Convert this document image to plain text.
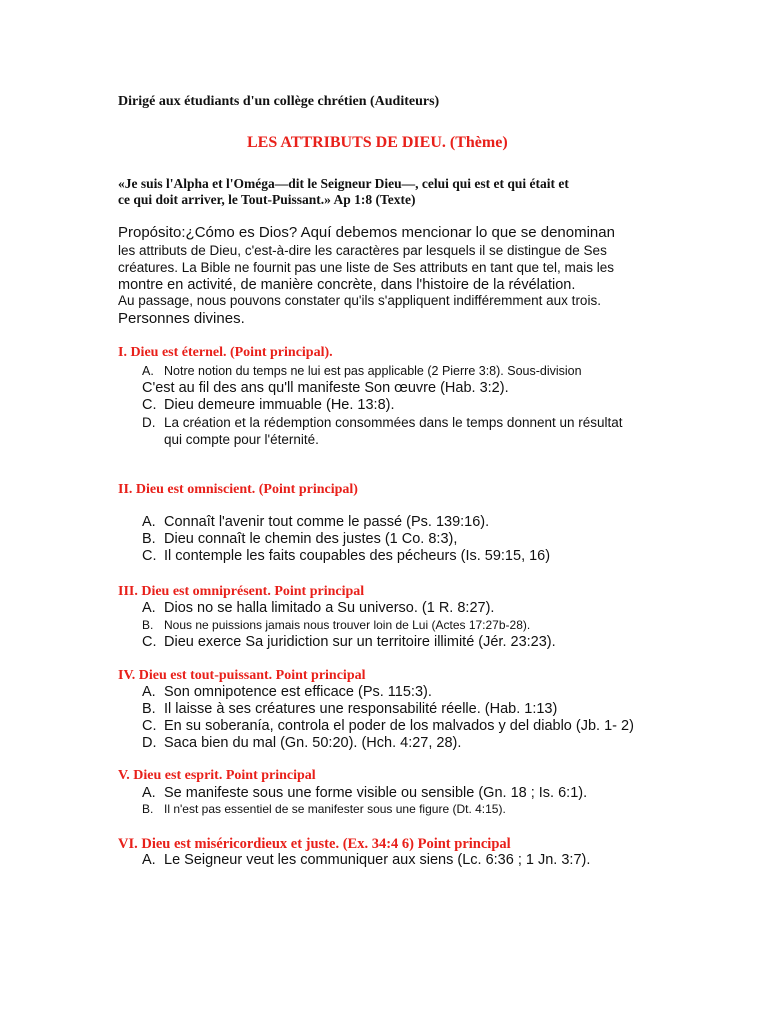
Dirigé aux étudiants d'un collège chrétien (Auditeurs)
LES ATTRIBUTS DE DIEU. (Thème)
«Je suis l'Alpha et l'Oméga—dit le Seigneur Dieu—, celui qui est et qui était et
ce qui doit arriver, le Tout-Puissant.» Ap 1:8 (Texte)
Propósito:¿Cómo es Dios? Aquí debemos mencionar lo que se denominan
les attributs de Dieu, c'est-à-dire les caractères par lesquels il se distingue de Ses
créatures. La Bible ne fournit pas une liste de Ses attributs en tant que tel, mais les
montre en activité, de manière concrète, dans l'histoire de la révélation.
Au passage, nous pouvons constater qu'ils s'appliquent indifféremment aux trois.
Personnes divines.
I. Dieu est éternel. (Point principal).
A. Notre notion du temps ne lui est pas applicable (2 Pierre 3:8). Sous-division
C'est au fil des ans qu'll manifeste Son œuvre (Hab. 3:2).
C. Dieu demeure immuable (He. 13:8).
D. La création et la rédemption consommées dans le temps donnent un résultat
qui compte pour l'éternité.
II. Dieu est omniscient. (Point principal)
A. Connaît l'avenir tout comme le passé (Ps. 139:16).
B. Dieu connaît le chemin des justes (1 Co. 8:3),
C. Il contemple les faits coupables des pécheurs (Is. 59:15, 16)
III. Dieu est omniprésent. Point principal
A. Dios no se halla limitado a Su universo. (1 R. 8:27).
B. Nous ne puissions jamais nous trouver loin de Lui (Actes 17:27b-28).
C. Dieu exerce Sa juridiction sur un territoire illimité (Jér. 23:23).
IV. Dieu est tout-puissant. Point principal
A. Son omnipotence est efficace (Ps. 115:3).
B. Il laisse à ses créatures une responsabilité réelle. (Hab. 1:13)
C. En su soberanía, controla el poder de los malvados y del diablo (Jb. 1- 2)
D. Saca bien du mal (Gn. 50:20). (Hch. 4:27, 28).
V. Dieu est esprit. Point principal
A. Se manifeste sous une forme visible ou sensible (Gn. 18 ; Is. 6:1).
B. Il n'est pas essentiel de se manifester sous une figure (Dt. 4:15).
VI. Dieu est miséricordieux et juste. (Ex. 34:4 6) Point principal
A. Le Seigneur veut les communiquer aux siens (Lc. 6:36 ; 1 Jn. 3:7).
